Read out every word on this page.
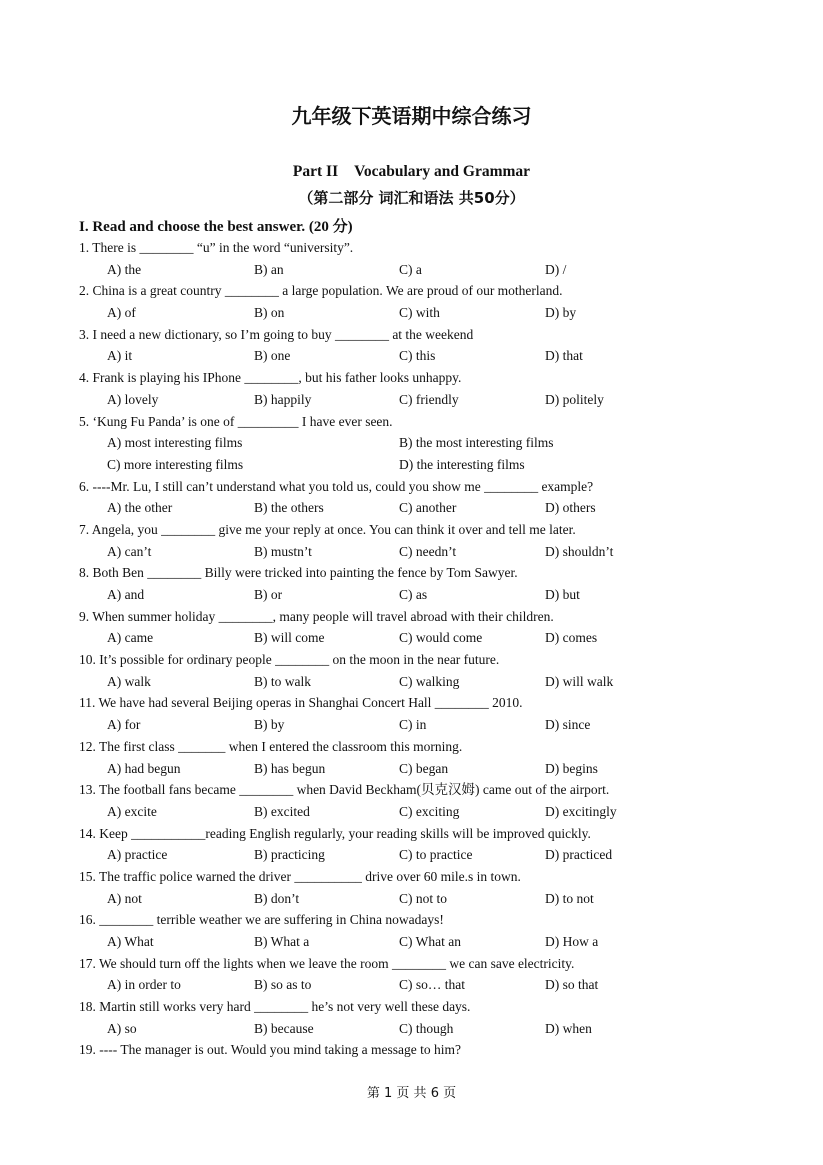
九年级下英语期中综合练习
Part II Vocabulary and Grammar
（第二部分 词汇和语法 共50分）
I. Read and choose the best answer. (20 分)
1. There is ________ “u” in the word “university”.
A) the	B) an	C) a	D) /
2. China is a great country ________ a large population. We are proud of our motherland.
A) of	B) on	C) with	D) by
3. I need a new dictionary, so I’m going to buy ________ at the weekend
A) it	B) one	C) this	D) that
4. Frank is playing his IPhone ________, but his father looks unhappy.
A) lovely	B) happily	C) friendly	D) politely
5. ‘Kung Fu Panda’ is one of _________ I have ever seen.
A) most interesting films	B) the most interesting films
C) more interesting films	D) the interesting films
6. ----Mr. Lu, I still can’t understand what you told us, could you show me ________ example?
A) the other	B) the others	C) another	D) others
7. Angela, you ________ give me your reply at once. You can think it over and tell me later.
A) can’t	B) mustn’t	C) needn’t	D) shouldn’t
8. Both Ben ________ Billy were tricked into painting the fence by Tom Sawyer.
A) and	B) or	C) as	D) but
9. When summer holiday ________, many people will travel abroad with their children.
A) came	B) will come	C) would come	D) comes
10. It’s possible for ordinary people ________ on the moon in the near future.
A) walk	B) to walk	C) walking	D) will walk
11. We have had several Beijing operas in Shanghai Concert Hall ________ 2010.
A) for	B) by	C) in	D) since
12. The first class _______ when I entered the classroom this morning.
A) had begun	B) has begun	C) began	D) begins
13. The football fans became ________ when David Beckham(贝克汉姆) came out of the airport.
A) excite	B) excited	C) exciting	D) excitingly
14. Keep ___________reading English regularly, your reading skills will be improved quickly.
A) practice	B) practicing	C) to practice	D) practiced
15. The traffic police warned the driver __________ drive over 60 mile.s in town.
A) not	B) don’t	C) not to	D) to not
16. ________ terrible weather we are suffering in China nowadays!
A) What	B) What a	C) What an	D) How a
17. We should turn off the lights when we leave the room ________ we can save electricity.
A) in order to	B) so as to	C) so… that	D) so that
18. Martin still works very hard ________ he’s not very well these days.
A) so	B) because	C) though	D) when
19. ---- The manager is out. Would you mind taking a message to him?
第 1 页 共 6 页
